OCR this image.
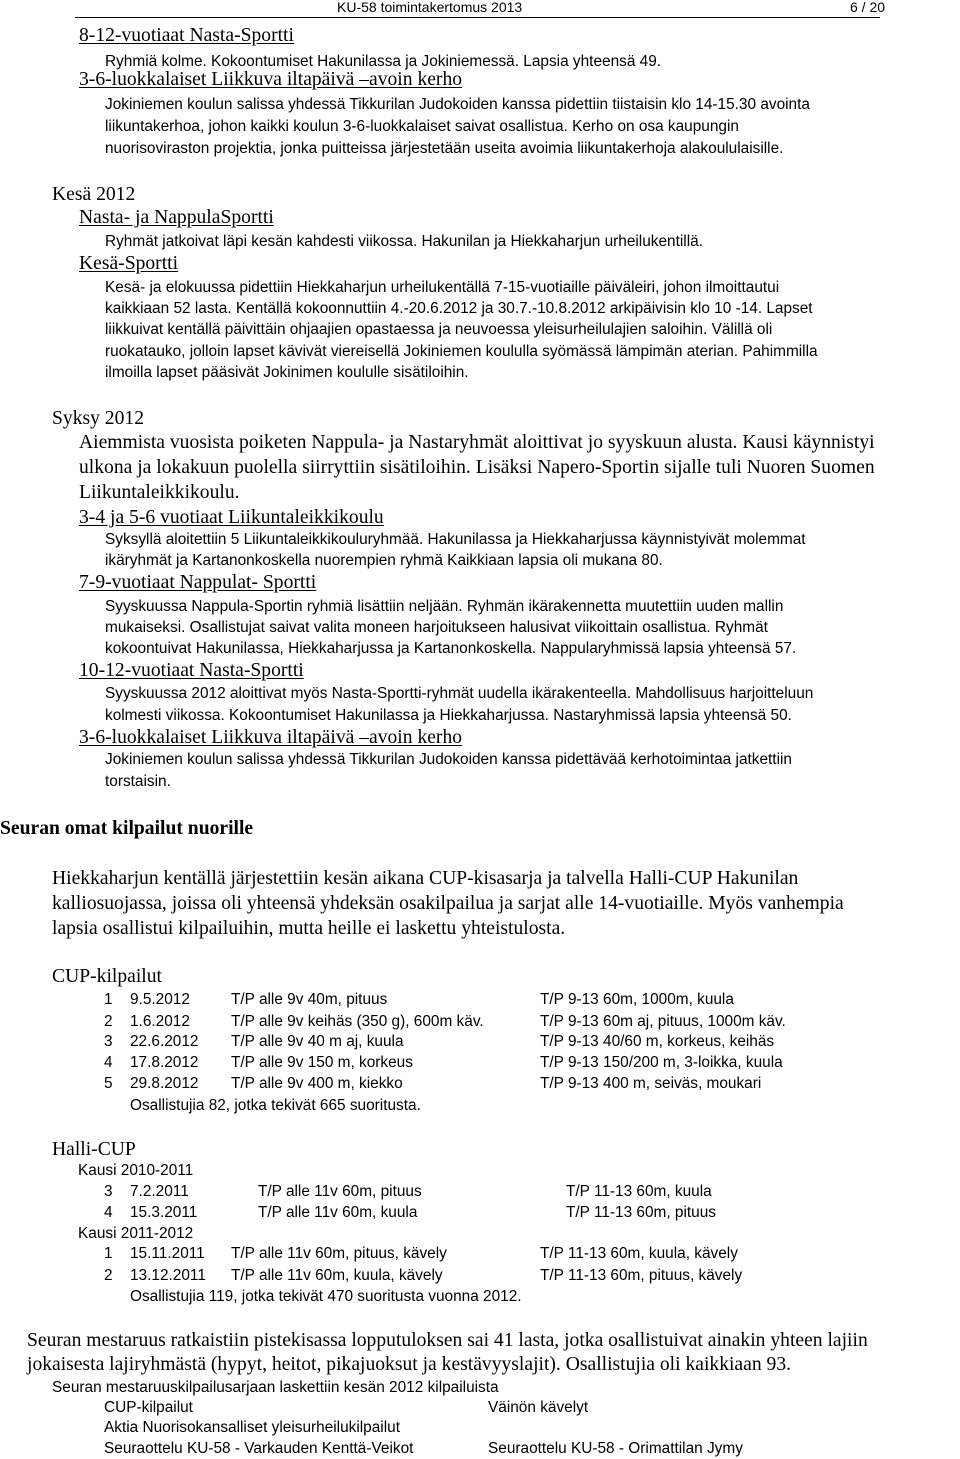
KU-58 toimintakertomus 2013	6 / 20
8-12-vuotiaat Nasta-Sportti
Ryhmiä kolme. Kokoontumiset Hakunilassa ja Jokiniemessä. Lapsia yhteensä 49.
3-6-luokkalaiset Liikkuva iltapäivä –avoin kerho
Jokiniemen koulun salissa yhdessä Tikkurilan Judokoiden kanssa pidettiin tiistaisin klo 14-15.30 avointa
liikuntakerhoa, johon kaikki koulun 3-6-luokkalaiset saivat osallistua. Kerho on osa kaupungin
nuorisoviraston projektia, jonka puitteissa järjestetään useita avoimia liikuntakerhoja alakoululaisille.
Kesä 2012
Nasta- ja NappulaSportti
Ryhmät jatkoivat läpi kesän kahdesti viikossa. Hakunilan ja Hiekkaharjun urheilukentillä.
Kesä-Sportti
Kesä- ja elokuussa pidettiin Hiekkaharjun urheilukentällä 7-15-vuotiaille päiväleiri, johon ilmoittautui
kaikkiaan 52 lasta. Kentällä kokoonnuttiin 4.-20.6.2012 ja 30.7.-10.8.2012 arkipäivisin klo 10 -14. Lapset
liikkuivat kentällä päivittäin ohjaajien opastaessa ja neuvoessa yleisurheilulajien saloihin. Välillä oli
ruokatauko, jolloin lapset kävivät viereisellä Jokiniemen koululla syömässä lämpimän aterian. Pahimmilla
ilmoilla lapset pääsivät Jokinimen koululle sisätiloihin.
Syksy 2012
Aiemmista vuosista poiketen Nappula- ja Nastaryhmät aloittivat jo syyskuun alusta. Kausi käynnistyi
ulkona ja lokakuun puolella siirryttiin sisätiloihin. Lisäksi Napero-Sportin sijalle tuli Nuoren Suomen
Liikuntaleikkikoulu.
3-4 ja 5-6 vuotiaat Liikuntaleikkikoulu
Syksyllä aloitettiin 5 Liikuntaleikkikouluryhmää. Hakunilassa ja Hiekkaharjussa käynnistyivät molemmat
ikäryhmät ja Kartanonkoskella nuorempien ryhmä Kaikkiaan lapsia oli mukana 80.
7-9-vuotiaat Nappulat- Sportti
Syyskuussa Nappula-Sportin ryhmiä lisättiin neljään. Ryhmän ikärakennetta muutettiin uuden mallin
mukaiseksi. Osallistujat saivat valita moneen harjoitukseen halusivat viikoittain osallistua. Ryhmät
kokoontuivat Hakunilassa, Hiekkaharjussa ja Kartanonkoskella. Nappularyhmissä lapsia yhteensä 57.
10-12-vuotiaat Nasta-Sportti
Syyskuussa 2012 aloittivat myös Nasta-Sportti-ryhmät uudella ikärakenteella. Mahdollisuus harjoitteluun
kolmesti viikossa. Kokoontumiset Hakunilassa ja Hiekkaharjussa. Nastaryhmissä lapsia yhteensä 50.
3-6-luokkalaiset Liikkuva iltapäivä –avoin kerho
Jokiniemen koulun salissa yhdessä Tikkurilan Judokoiden kanssa pidettävää kerhotoimintaa jatkettiin
torstaisin.
Seuran omat kilpailut nuorille
Hiekkaharjun kentällä järjestettiin kesän aikana CUP-kisasarja ja talvella Halli-CUP Hakunilan
kalliosuojassa, joissa oli yhteensä yhdeksän osakilpailua ja sarjat alle 14-vuotiaille. Myös vanhempia
lapsia osallistui kilpailuihin, mutta heille ei laskettu yhteistulosta.
CUP-kilpailut
1 9.5.2012	T/P alle 9v 40m, pituus	T/P 9-13 60m, 1000m, kuula
2 1.6.2012	T/P alle 9v keihäs (350 g), 600m käv.	T/P 9-13 60m aj, pituus, 1000m käv.
3 22.6.2012 T/P alle 9v 40 m aj, kuula	T/P 9-13 40/60 m, korkeus, keihäs
4 17.8.2012 T/P alle 9v 150 m, korkeus	T/P 9-13 150/200 m, 3-loikka, kuula
5 29.8.2012 T/P alle 9v 400 m, kiekko	T/P 9-13 400 m, seiväs, moukari
Osallistujia 82, jotka tekivät 665 suoritusta.
Halli-CUP
Kausi 2010-2011
3 7.2.2011	T/P alle 11v 60m, pituus	T/P 11-13 60m, kuula
4 15.3.2011	T/P alle 11v 60m, kuula	T/P 11-13 60m, pituus
Kausi 2011-2012
1 15.11.2011 T/P alle 11v 60m, pituus, kävely	T/P 11-13 60m, kuula, kävely
2 13.12.2011 T/P alle 11v 60m, kuula, kävely	T/P 11-13 60m, pituus, kävely
Osallistujia 119, jotka tekivät 470 suoritusta vuonna 2012.
Seuran mestaruus ratkaistiin pistekisassa lopputuloksen sai 41 lasta, jotka osallistuivat ainakin yhteen lajiin
jokaisesta lajiryhmästä (hypyt, heitot, pikajuoksut ja kestävyyslajit). Osallistujia oli kaikkiaan 93.
Seuran mestaruuskilpailusarjaan laskettiin kesän 2012 kilpailuista
CUP-kilpailut	Väinön kävelyt
Aktia Nuorisokansalliset yleisurheilukilpailut
Seuraottelu KU-58 - Varkauden Kenttä-Veikot	Seuraottelu KU-58 - Orimattilan Jymy
